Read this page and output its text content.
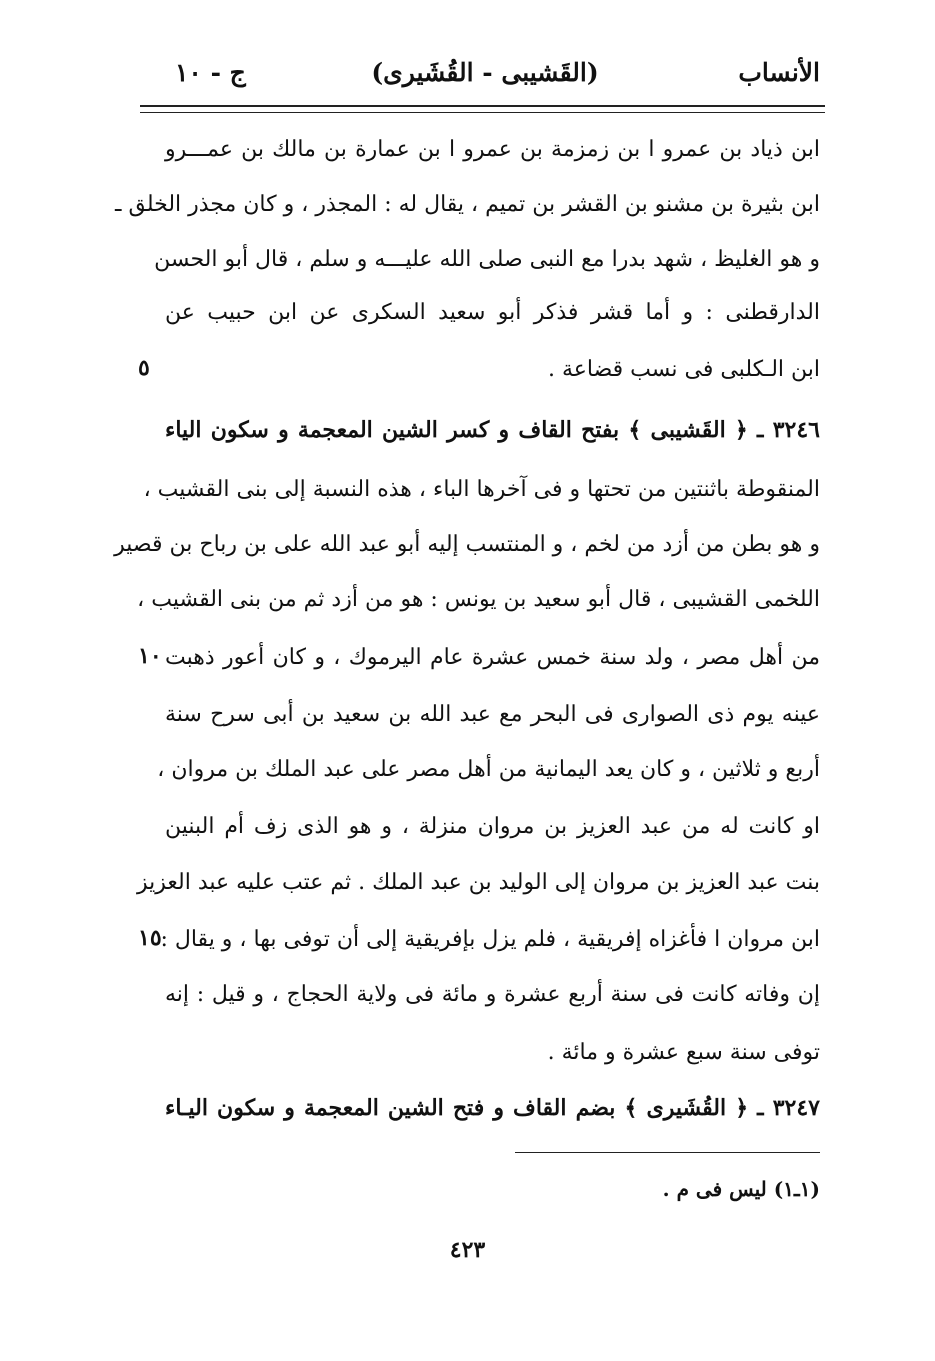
الأنساب
(القَشيبى - القُشَيرى)
ج - ١٠
ابن ذياد بن عمرو ا بن زمزمة بن عمرو ا بن عمارة بن مالك بن عمـــرو
ابن بثيرة بن مشنو بن القشر بن تميم ، يقال له : المجذر ، و كان مجذر الخلق ـ
و هو الغليظ ، شهد بدرا مع النبى صلى الله عليـــه و سلم ، قال أبو الحسن
الدارقطنى : و أما قشر فذكر أبو سعيد السكرى عن ابن حبيب عن
ابن الـكلبى فى نسب قضاعة .
٥
٣٢٤٦ ـ ﴿ القَشيبى ﴾ بفتح القاف و كسر الشين المعجمة و سكون الياء
المنقوطة باثنتين من تحتها و فى آخرها الباء ، هذه النسبة إلى بنى القشيب ،
و هو بطن من أزد من لخم ، و المنتسب إليه أبو عبد الله على بن رباح بن قصير
اللخمى القشيبى ، قال أبو سعيد بن يونس : هو من أزد ثم من بنى القشيب ،
من أهل مصر ، ولد سنة خمس عشرة عام اليرموك ، و كان أعور ذهبت
١٠
عينه يوم ذى الصوارى فى البحر مع عبد الله بن سعيد بن أبى سرح سنة
أربع و ثلاثين ، و كان يعد اليمانية من أهل مصر على عبد الملك بن مروان ،
او كانت له من عبد العزيز بن مروان منزلة ، و هو الذى زف أم البنين
بنت عبد العزيز بن مروان إلى الوليد بن عبد الملك . ثم عتب عليه عبد العزيز
ابن مروان ا فأغزاه إفريقية ، فلم يزل بإفريقية إلى أن توفى بها ، و يقال :
١٥
إن وفاته كانت فى سنة أربع عشرة و مائة فى ولاية الحجاج ، و قيل : إنه
توفى سنة سبع عشرة و مائة .
٣٢٤٧ ـ ﴿ القُشَيرى ﴾ بضم القاف و فتح الشين المعجمة و سكون اليـاء
(١ـ١) ليس فى م .
٤٢٣
